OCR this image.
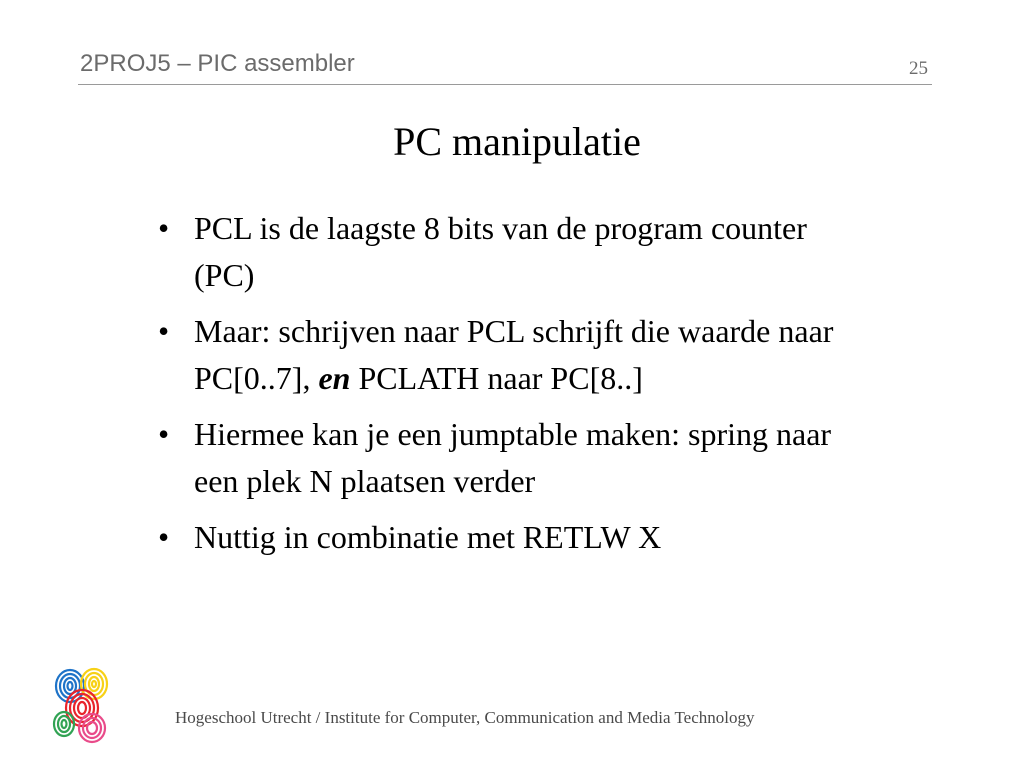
2PROJ5 – PIC assembler	25
PC manipulatie
• PCL is de laagste 8 bits van de program counter (PC)
• Maar: schrijven naar PCL schrijft die waarde naar PC[0..7], en PCLATH naar PC[8..]
• Hiermee kan je een jumptable maken: spring naar een plek N plaatsen verder
• Nuttig in combinatie met RETLW X
Hogeschool Utrecht / Institute for Computer, Communication and Media Technology
